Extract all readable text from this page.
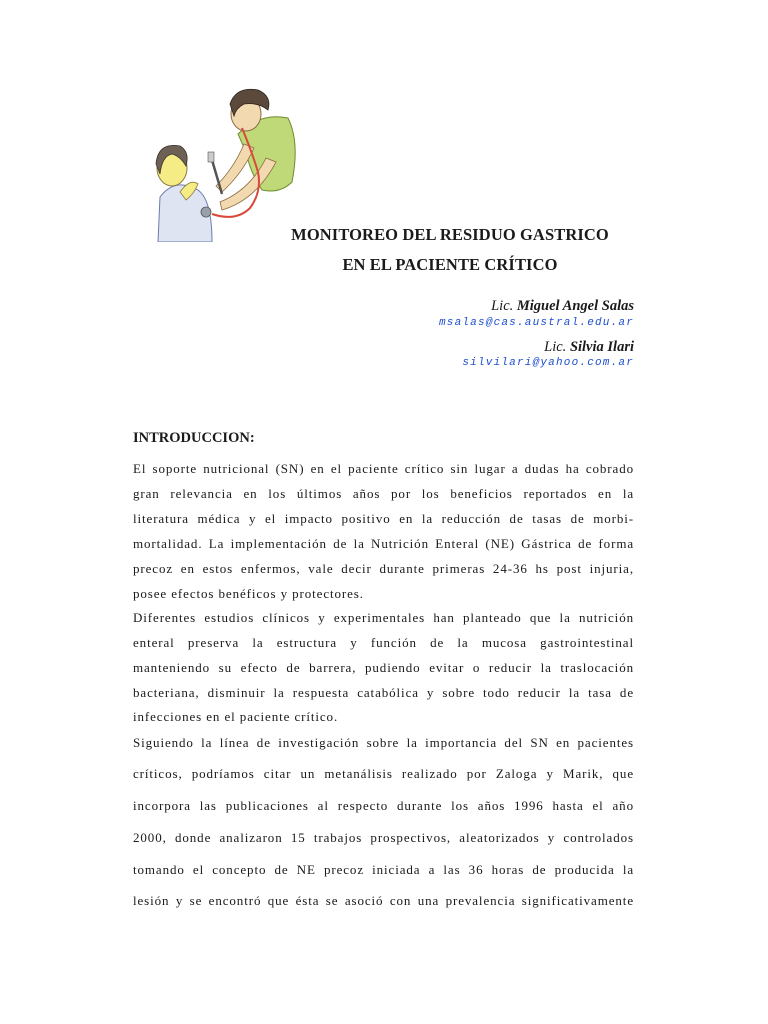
MONITOREO DEL RESIDUO GASTRICO
EN EL PACIENTE CRÍTICO
Lic. Miguel Angel Salas
msalas@cas.austral.edu.ar
Lic. Silvia Ilari
silvilari@yahoo.com.ar
INTRODUCCION:
El soporte nutricional (SN) en el paciente crítico sin lugar a dudas ha cobrado
gran relevancia en los últimos años por los beneficios reportados en la
literatura médica y el impacto positivo en la reducción de tasas de morbi-
mortalidad. La implementación de la Nutrición Enteral (NE) Gástrica de forma
precoz en estos enfermos, vale decir durante primeras 24-36 hs post injuria,
posee efectos benéficos y protectores.
Diferentes estudios clínicos y experimentales han planteado que la nutrición
enteral preserva la estructura y función de la mucosa gastrointestinal
manteniendo su efecto de barrera, pudiendo evitar o reducir la traslocación
bacteriana, disminuir la respuesta catabólica y sobre todo reducir la tasa de
infecciones en el paciente crítico.
Siguiendo la línea de investigación sobre la importancia del SN en pacientes
críticos, podríamos citar un metanálisis realizado por Zaloga y Marik, que
incorpora las publicaciones al respecto durante los años 1996 hasta el año
2000, donde analizaron 15 trabajos prospectivos, aleatorizados y controlados
tomando el concepto de NE precoz iniciada a las 36 horas de producida la
lesión y se encontró que ésta se asoció con una prevalencia significativamente
